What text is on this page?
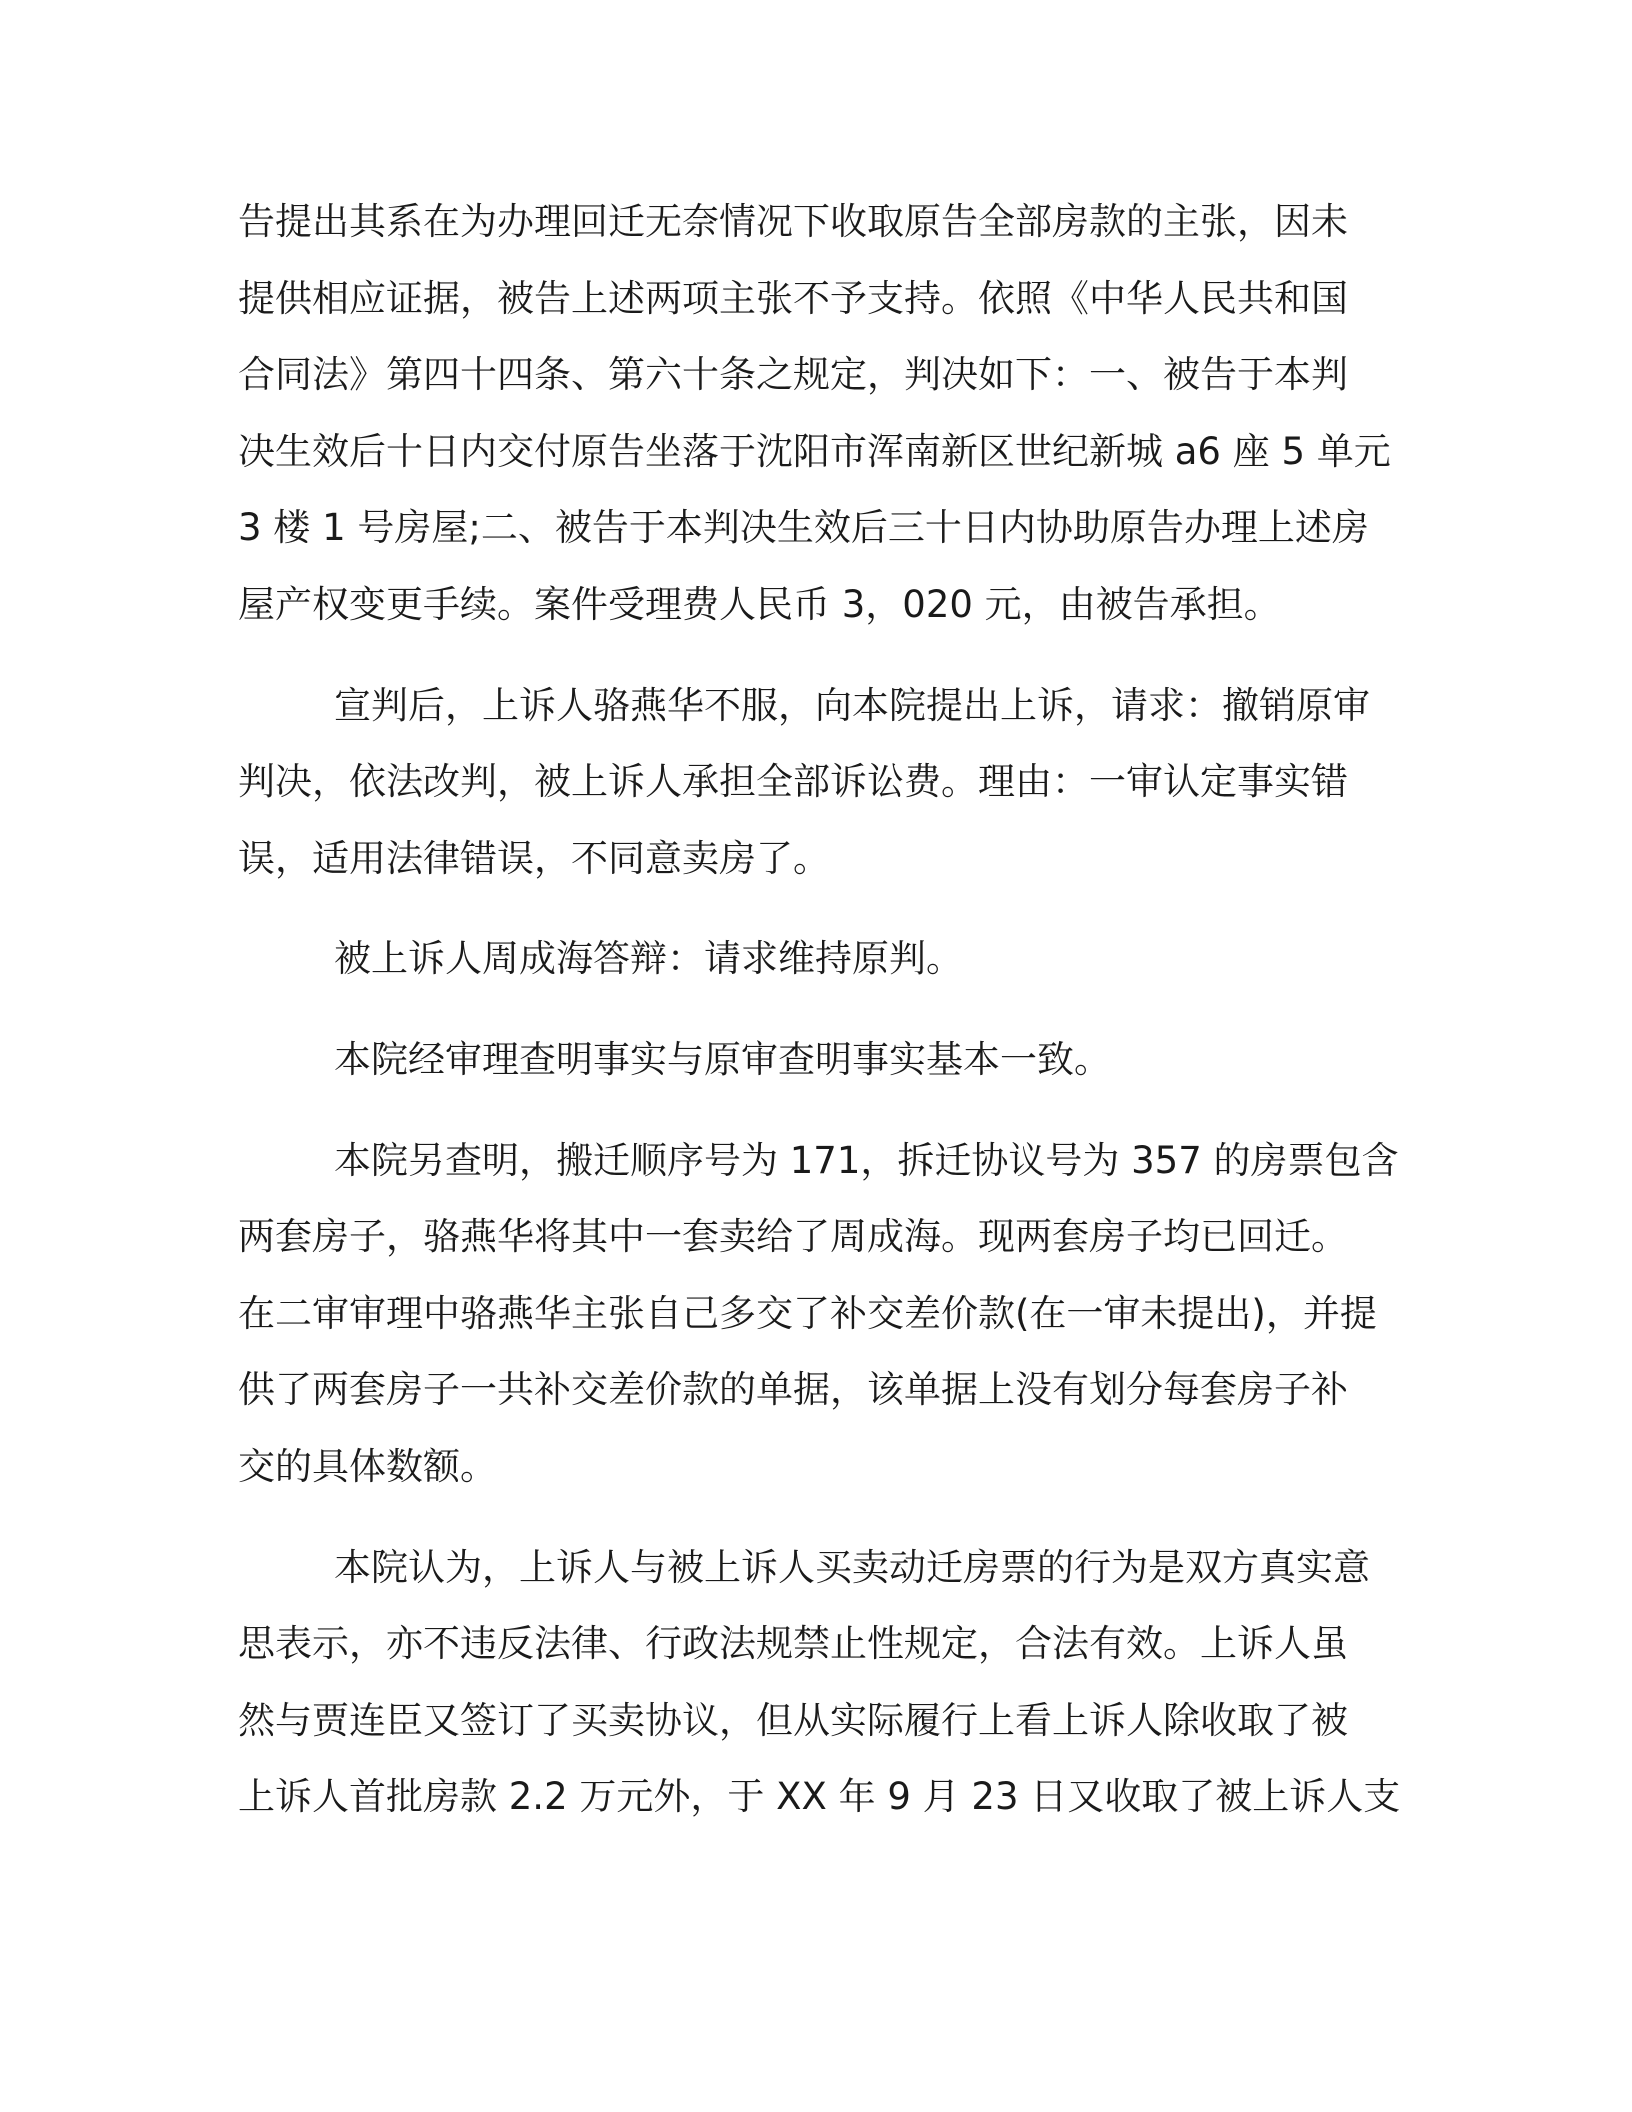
告提出其系在为办理回迁无奈情况下收取原告全部房款的主张，因未
提供相应证据，被告上述两项主张不予支持。依照《中华人民共和国
合同法》第四十四条、第六十条之规定，判决如下：一、被告于本判
决生效后十日内交付原告坐落于沈阳市浑南新区世纪新城 a6 座 5 单元
3 楼 1 号房屋;二、被告于本判决生效后三十日内协助原告办理上述房
屋产权变更手续。案件受理费人民币 3，020 元，由被告承担。
宣判后，上诉人骆燕华不服，向本院提出上诉，请求：撤销原审
判决，依法改判，被上诉人承担全部诉讼费。理由：一审认定事实错
误，适用法律错误，不同意卖房了。
被上诉人周成海答辩：请求维持原判。
本院经审理查明事实与原审查明事实基本一致。
本院另查明，搬迁顺序号为 171，拆迁协议号为 357 的房票包含
两套房子，骆燕华将其中一套卖给了周成海。现两套房子均已回迁。
在二审审理中骆燕华主张自己多交了补交差价款(在一审未提出)，并提
供了两套房子一共补交差价款的单据，该单据上没有划分每套房子补
交的具体数额。
本院认为，上诉人与被上诉人买卖动迁房票的行为是双方真实意
思表示，亦不违反法律、行政法规禁止性规定，合法有效。上诉人虽
然与贾连臣又签订了买卖协议，但从实际履行上看上诉人除收取了被
上诉人首批房款 2.2 万元外，于 XX 年 9 月 23 日又收取了被上诉人支
